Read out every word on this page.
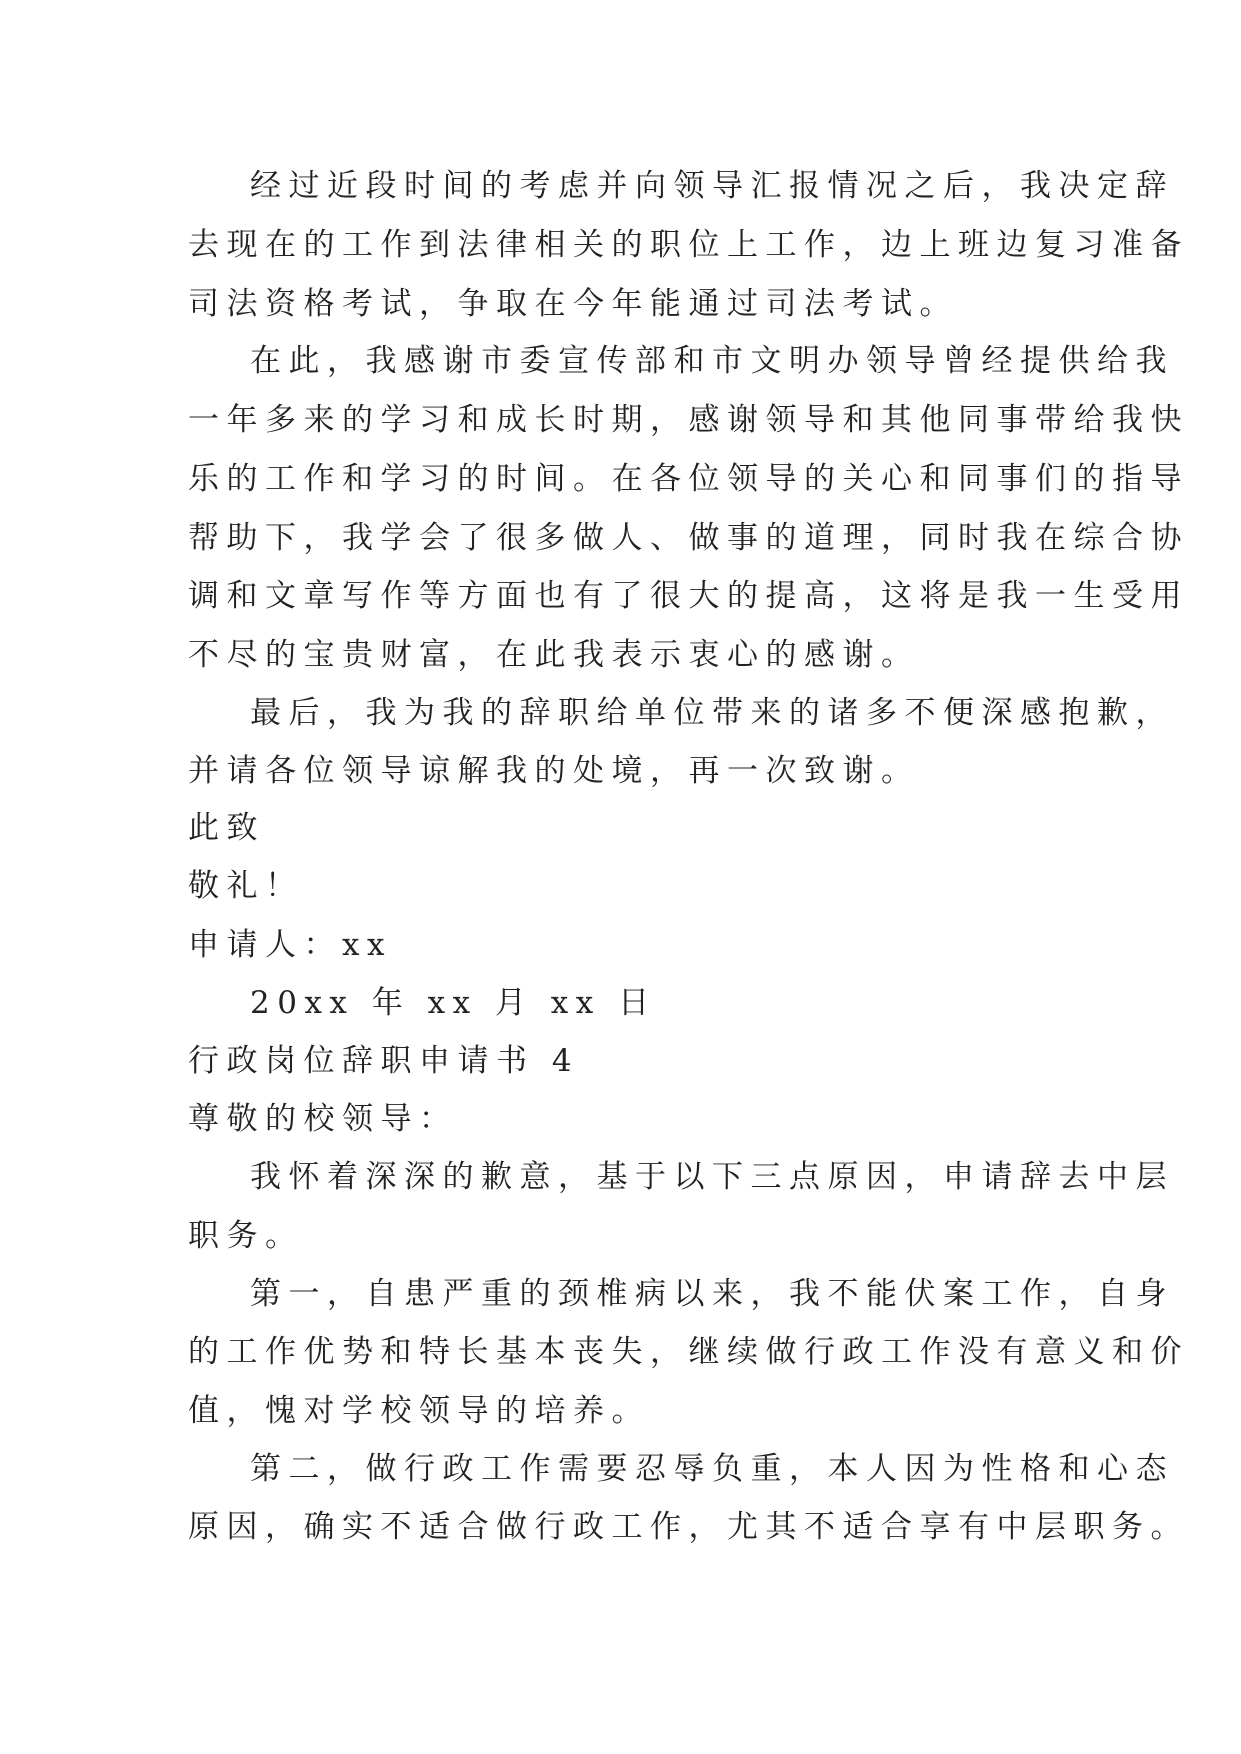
经过近段时间的考虑并向领导汇报情况之后，我决定辞
去现在的工作到法律相关的职位上工作，边上班边复习准备
司法资格考试，争取在今年能通过司法考试。
在此，我感谢市委宣传部和市文明办领导曾经提供给我
一年多来的学习和成长时期，感谢领导和其他同事带给我快
乐的工作和学习的时间。在各位领导的关心和同事们的指导
帮助下，我学会了很多做人、做事的道理，同时我在综合协
调和文章写作等方面也有了很大的提高，这将是我一生受用
不尽的宝贵财富，在此我表示衷心的感谢。
最后，我为我的辞职给单位带来的诸多不便深感抱歉，
并请各位领导谅解我的处境，再一次致谢。
此致
敬礼！
申请人：xx
20xx 年 xx 月 xx 日
行政岗位辞职申请书 4
尊敬的校领导：
我怀着深深的歉意，基于以下三点原因，申请辞去中层
职务。
第一，自患严重的颈椎病以来，我不能伏案工作，自身
的工作优势和特长基本丧失，继续做行政工作没有意义和价
值，愧对学校领导的培养。
第二，做行政工作需要忍辱负重，本人因为性格和心态
原因，确实不适合做行政工作，尤其不适合享有中层职务。
